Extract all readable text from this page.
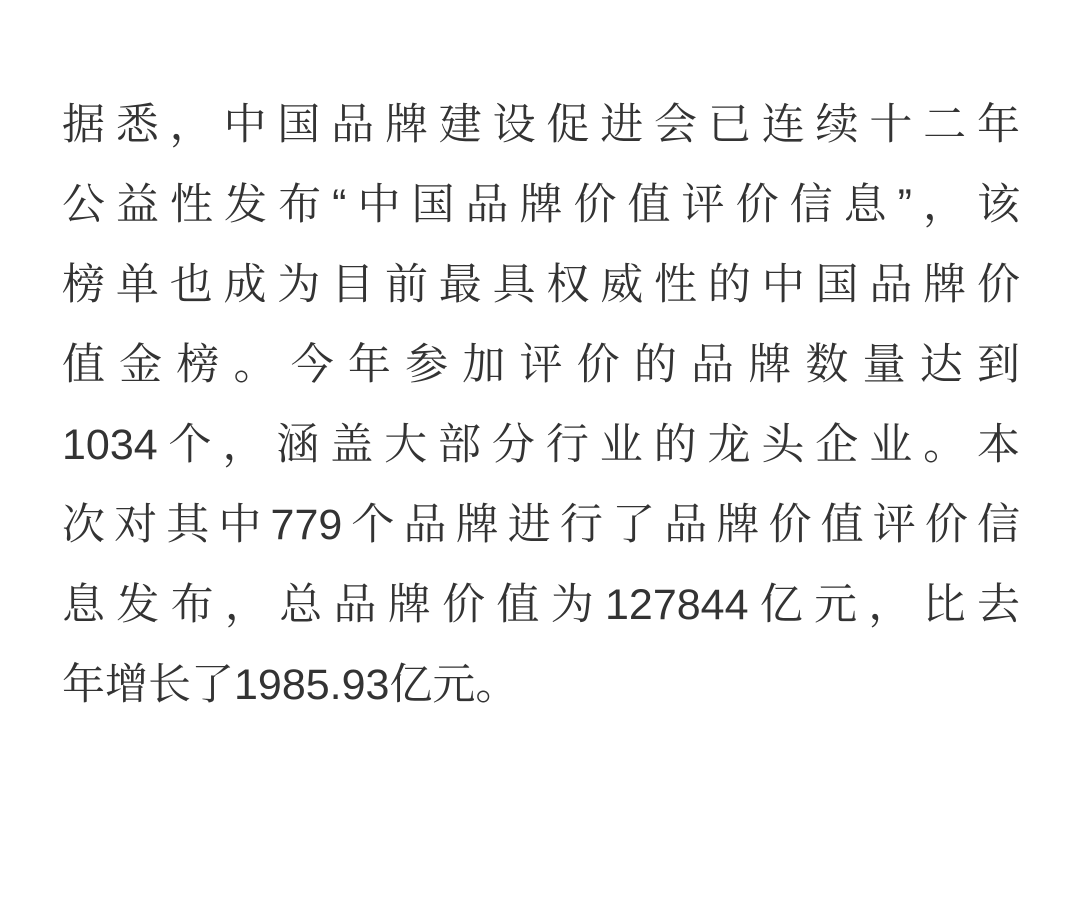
据悉，中国品牌建设促进会已连续十二年
公益性发布“中国品牌价值评价信息”，该
榜单也成为目前最具权威性的中国品牌价
值金榜。今年参加评价的品牌数量达到
1034个，涵盖大部分行业的龙头企业。本
次对其中779个品牌进行了品牌价值评价信
息发布，总品牌价值为127844亿元，比去
年增长了1985.93亿元。
